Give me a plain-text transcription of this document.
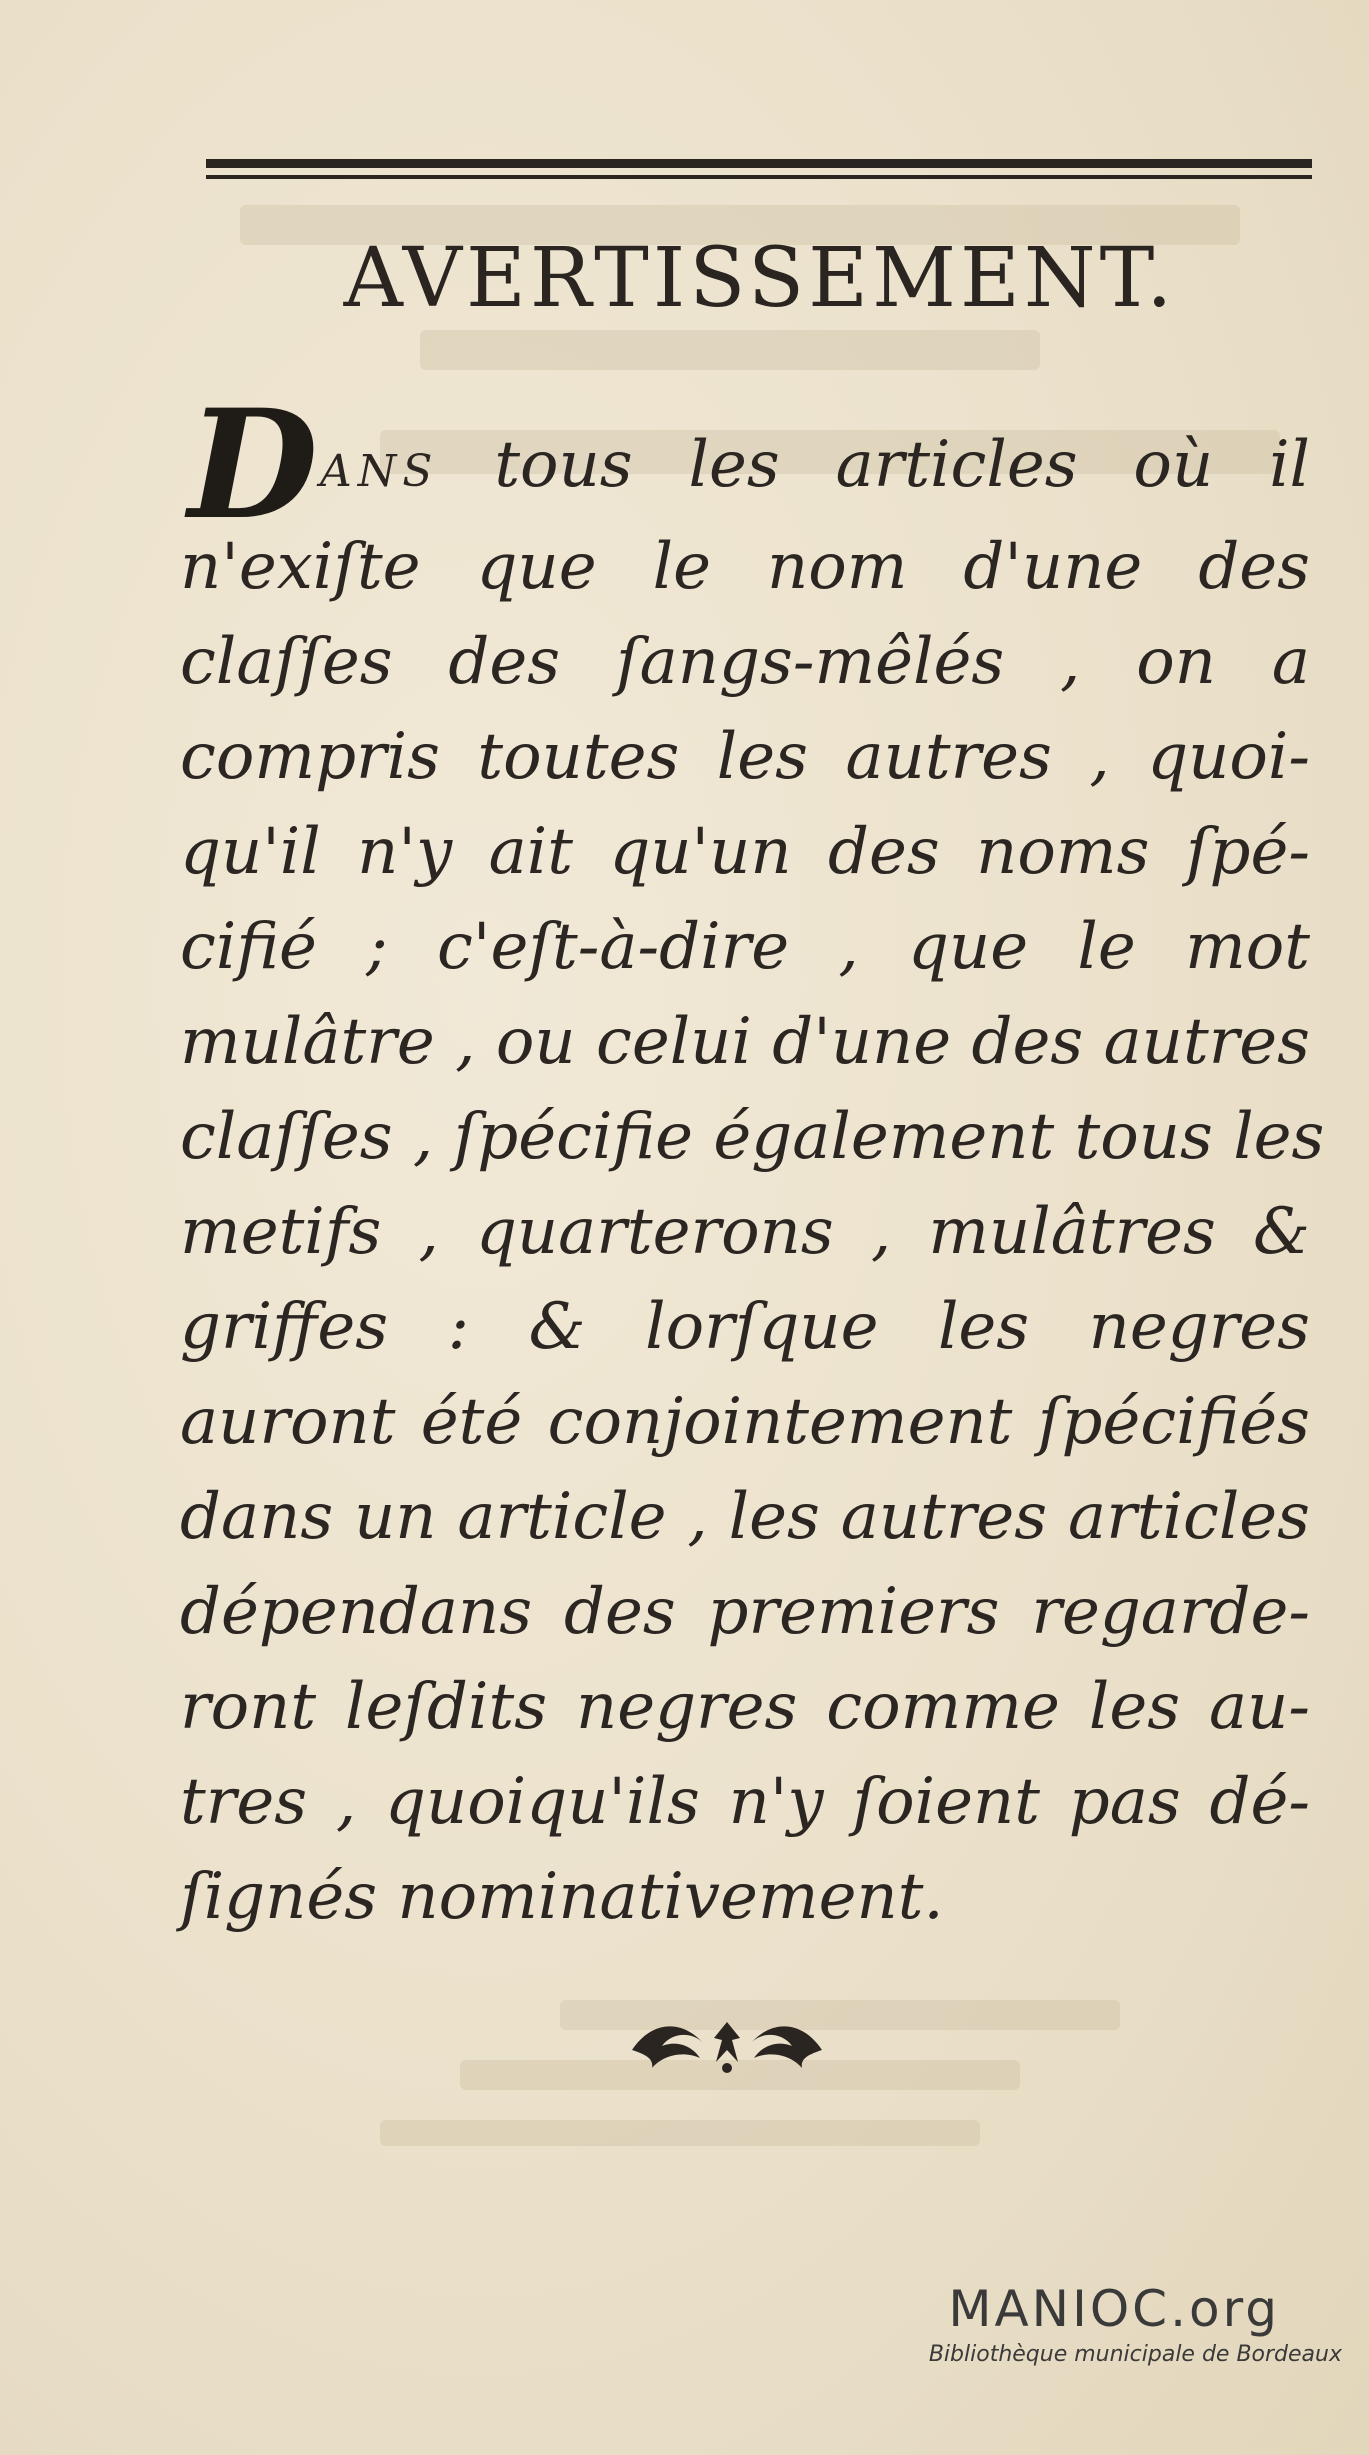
AVERTISSEMENT.
D ANS tous les articles où il
n'exiſte que le nom d'une des
claſſes des ſangs-mêlés , on a
compris toutes les autres , quoi-
qu'il n'y ait qu'un des noms ſpé-
cifié ; c'eſt-à-dire , que le mot
mulâtre , ou celui d'une des autres
claſſes , ſpécifie également tous les
metifs , quarterons , mulâtres &
griffes : & lorſque les negres
auront été conjointement ſpécifiés
dans un article , les autres articles
dépendans des premiers regarde-
ront leſdits negres comme les au-
tres , quoiqu'ils n'y ſoient pas dé-
ſignés nominativement.
MANIOC.org
Bibliothèque municipale de Bordeaux
